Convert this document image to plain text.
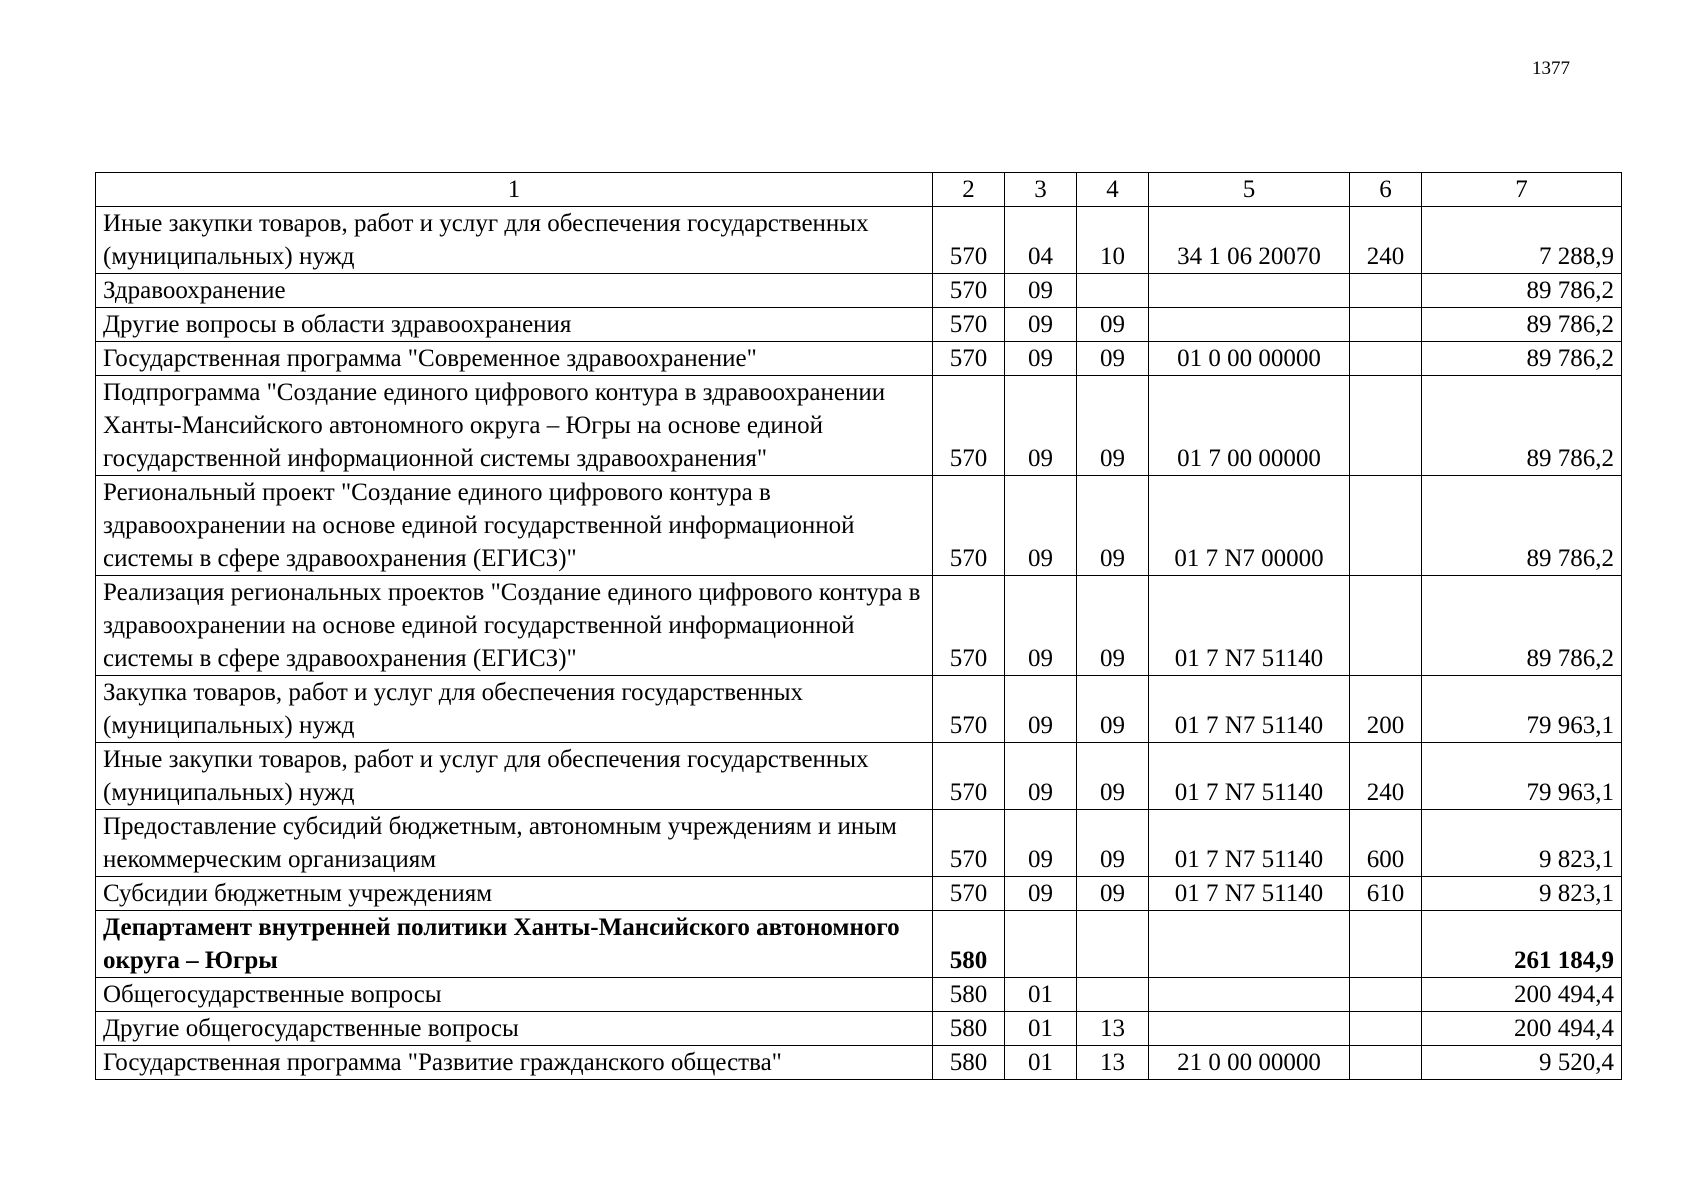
1377
1	2	3	4	5	6	7
Иные закупки товаров, работ и услуг для обеспечения государственных (муниципальных) нужд	570	04	10	34 1 06 20070	240	7 288,9
Здравоохранение	570	09				89 786,2
Другие вопросы в области здравоохранения	570	09	09			89 786,2
Государственная программа "Современное здравоохранение"	570	09	09	01 0 00 00000		89 786,2
Подпрограмма "Создание единого цифрового контура в здравоохранении Ханты-Мансийского автономного округа – Югры на основе единой государственной информационной системы здравоохранения"	570	09	09	01 7 00 00000		89 786,2
Региональный проект "Создание единого цифрового контура в здравоохранении на основе единой государственной информационной системы в сфере здравоохранения (ЕГИСЗ)"	570	09	09	01 7 N7 00000		89 786,2
Реализация региональных проектов "Создание единого цифрового контура в здравоохранении на основе единой государственной информационной системы в сфере здравоохранения (ЕГИСЗ)"	570	09	09	01 7 N7 51140		89 786,2
Закупка товаров, работ и услуг для обеспечения государственных (муниципальных) нужд	570	09	09	01 7 N7 51140	200	79 963,1
Иные закупки товаров, работ и услуг для обеспечения государственных (муниципальных) нужд	570	09	09	01 7 N7 51140	240	79 963,1
Предоставление субсидий бюджетным, автономным учреждениям и иным некоммерческим организациям	570	09	09	01 7 N7 51140	600	9 823,1
Субсидии бюджетным учреждениям	570	09	09	01 7 N7 51140	610	9 823,1
Департамент внутренней политики Ханты-Мансийского автономного округа – Югры	580					261 184,9
Общегосударственные вопросы	580	01				200 494,4
Другие общегосударственные вопросы	580	01	13			200 494,4
Государственная программа "Развитие гражданского общества"	580	01	13	21 0 00 00000		9 520,4
